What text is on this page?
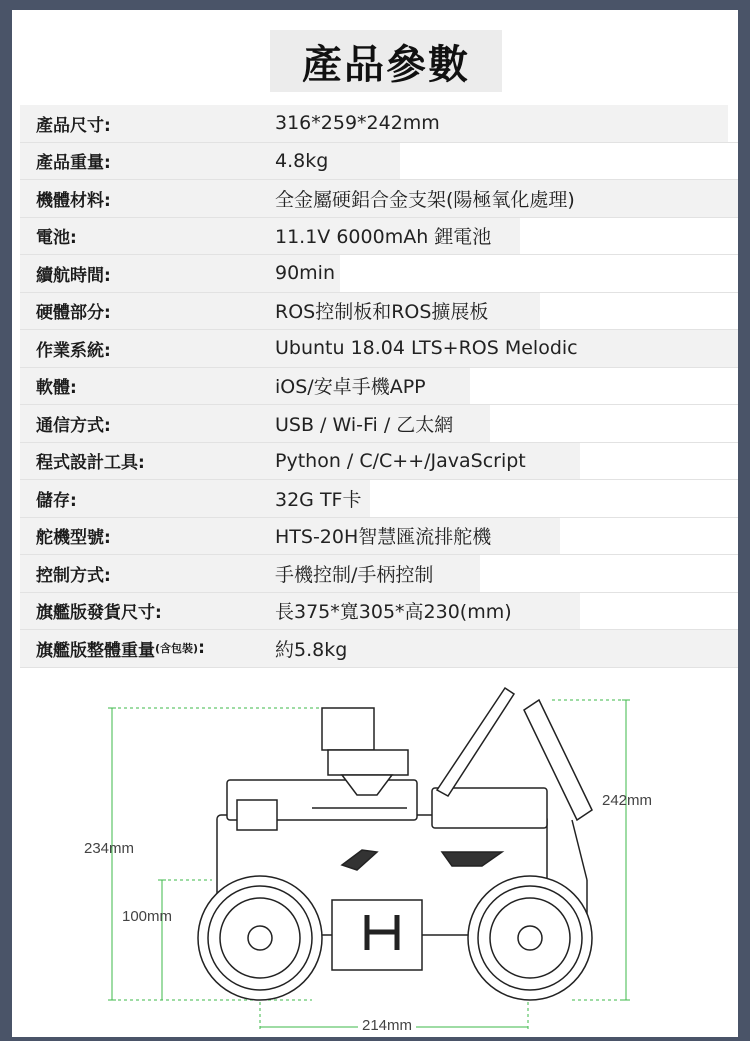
產品參數
產品尺寸:	316*259*242mm
產品重量:	4.8kg
機體材料:	全金屬硬鋁合金支架(陽極氧化處理)
電池:	11.1V 6000mAh 鋰電池
續航時間:	90min
硬體部分:	ROS控制板和ROS擴展板
作業系統:	Ubuntu 18.04 LTS+ROS Melodic
軟體:	iOS/安卓手機APP
通信方式:	USB / Wi-Fi / 乙太網
程式設計工具:	Python / C/C++/JavaScript
儲存:	32G TF卡
舵機型號:	HTS-20H智慧匯流排舵機
控制方式:	手機控制/手柄控制
旗艦版發貨尺寸:	長375*寬305*高230(mm)
旗艦版整體重量 (含包裝) :	約5.8kg
234mm
100mm
242mm
214mm
